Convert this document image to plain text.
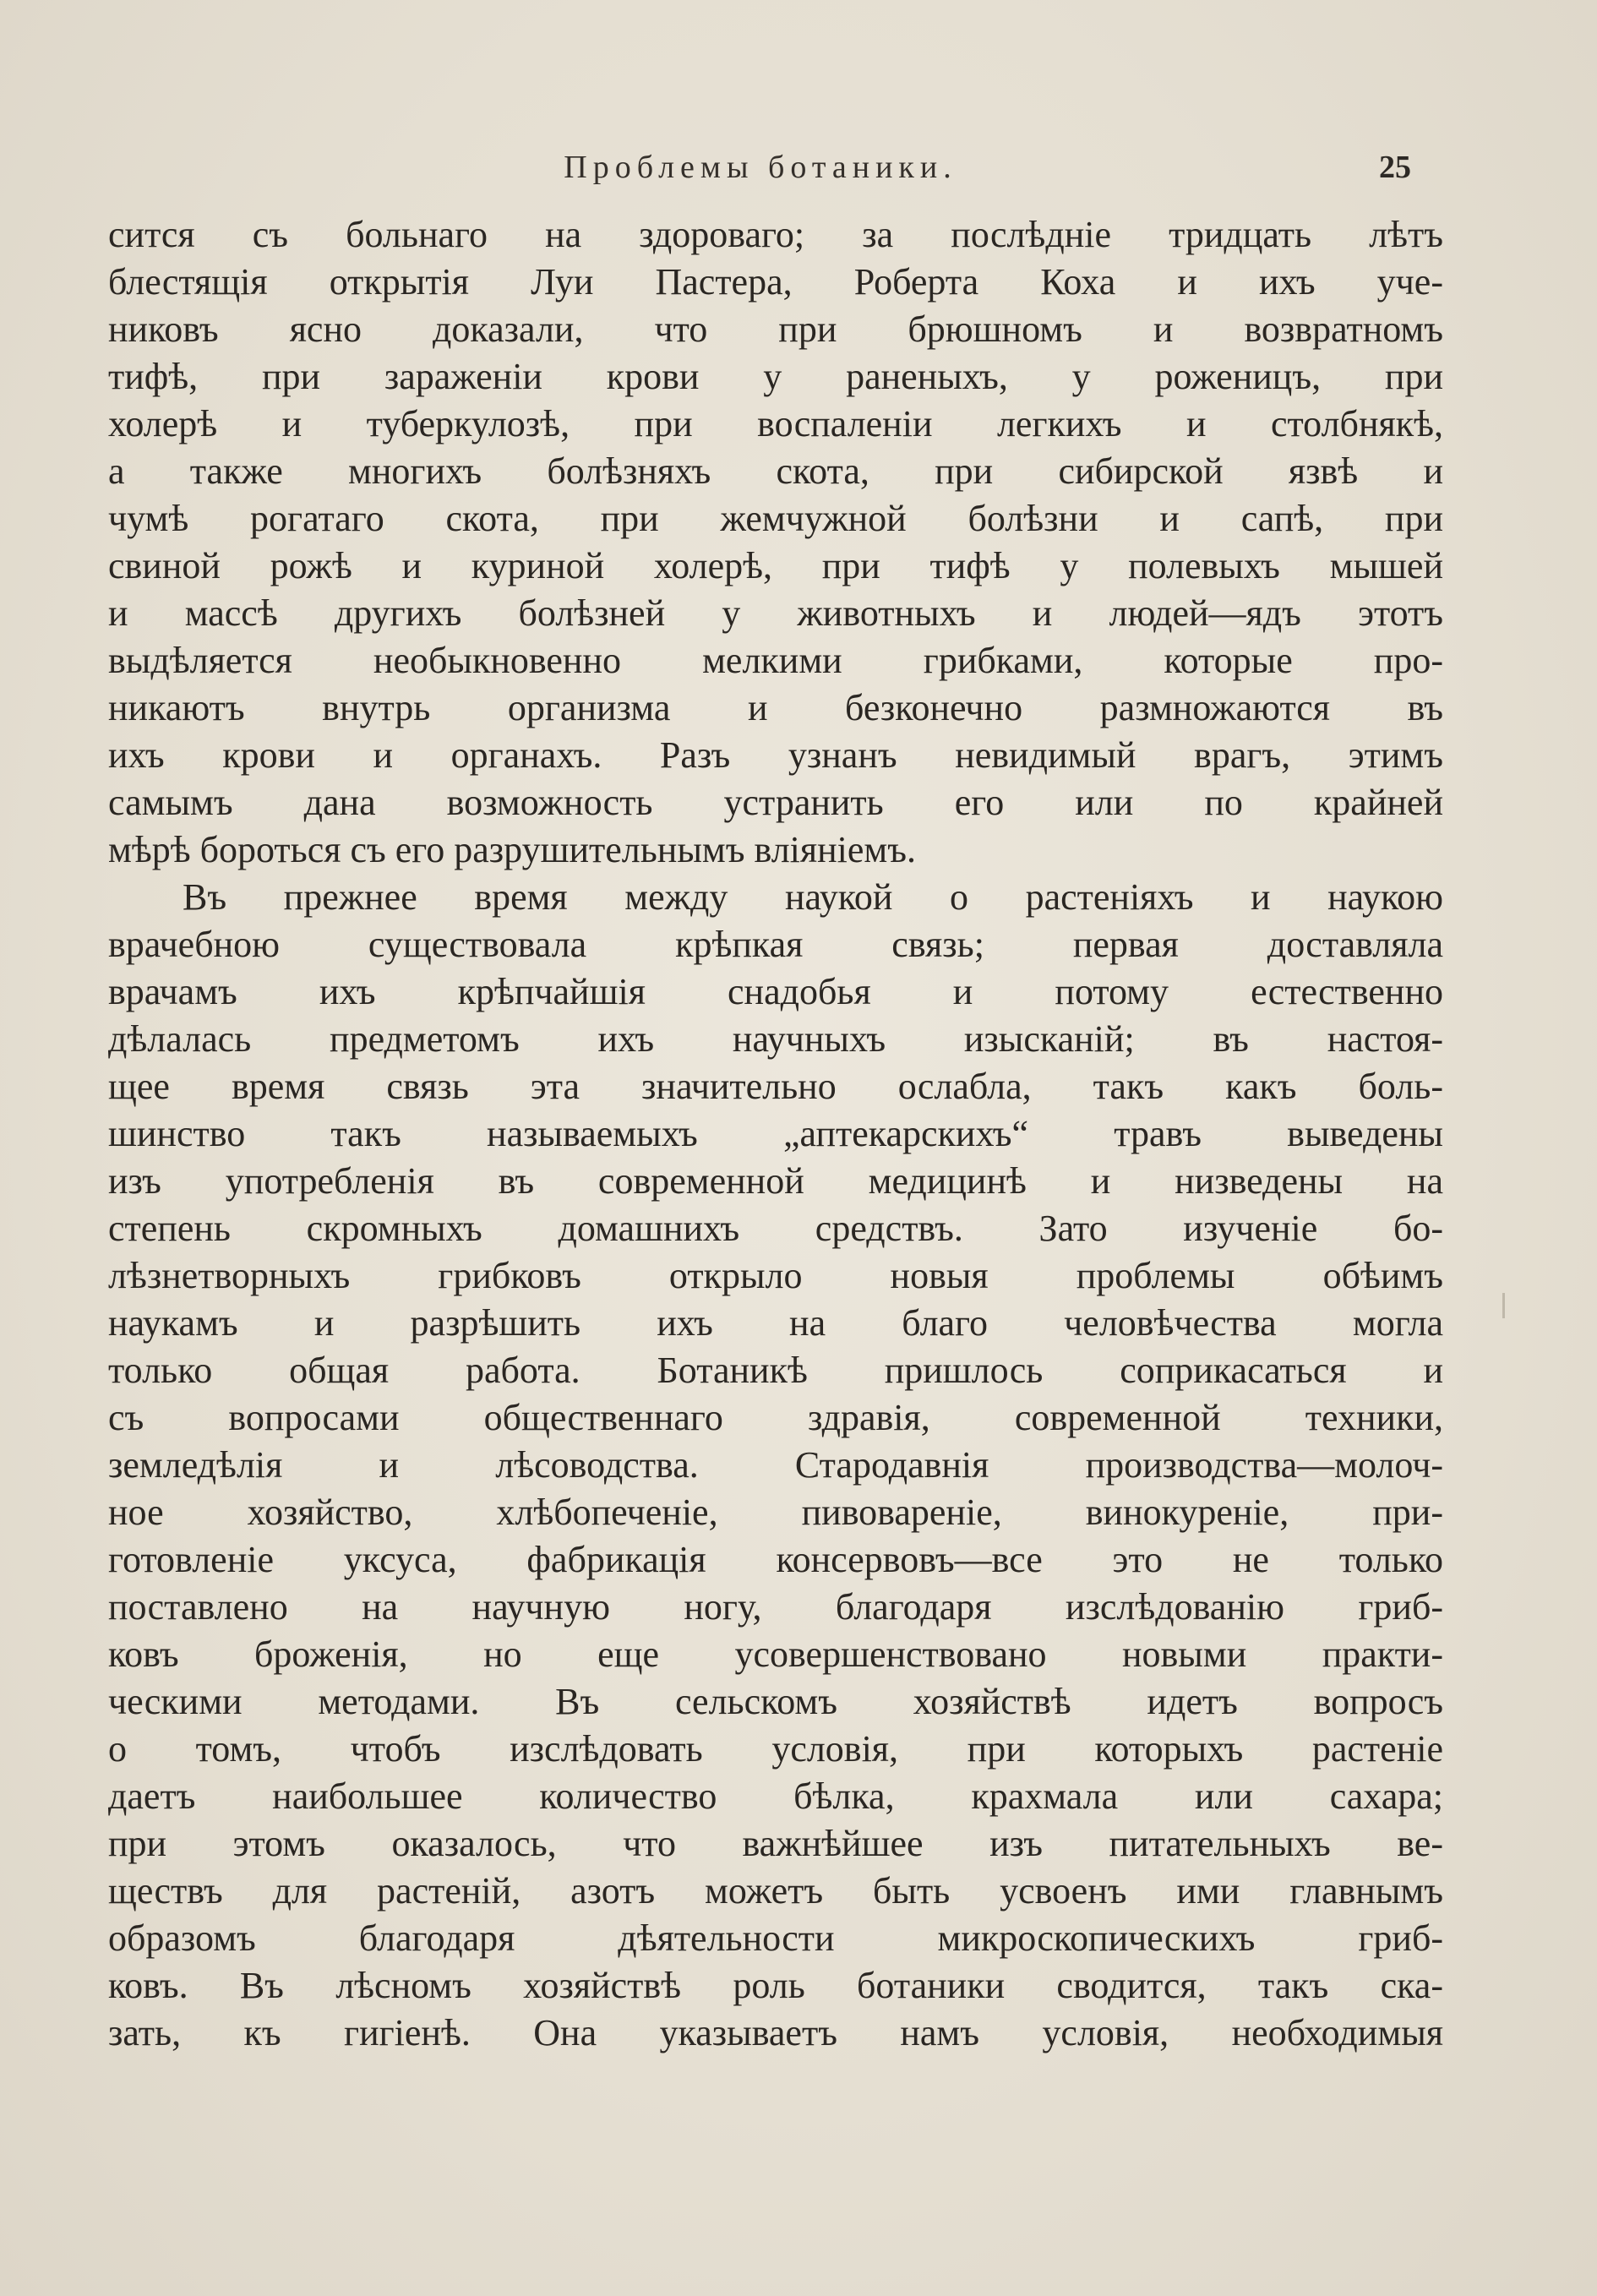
Проблемы ботаники.	25
сится съ больнаго на здороваго; за послѣдніе тридцать лѣтъ
блестящія открытія Луи Пастера, Роберта Коха и ихъ уче-
никовъ ясно доказали, что при брюшномъ и возвратномъ
тифѣ, при зараженіи крови у раненыхъ, у роженицъ, при
холерѣ и туберкулозѣ, при воспаленіи легкихъ и столбнякѣ,
а также многихъ болѣзняхъ скота, при сибирской язвѣ и
чумѣ рогатаго скота, при жемчужной болѣзни и сапѣ, при
свиной рожѣ и куриной холерѣ, при тифѣ у полевыхъ мышей
и массѣ другихъ болѣзней у животныхъ и людей—ядъ этотъ
выдѣляется необыкновенно мелкими грибками, которые про-
никаютъ внутрь организма и безконечно размножаются въ
ихъ крови и органахъ. Разъ узнанъ невидимый врагъ, этимъ
самымъ дана возможность устранить его или по крайней
мѣрѣ бороться съ его разрушительнымъ вліяніемъ.
Въ прежнее время между наукой о растеніяхъ и наукою
врачебною существовала крѣпкая связь; первая доставляла
врачамъ ихъ крѣпчайшія снадобья и потому естественно
дѣлалась предметомъ ихъ научныхъ изысканій; въ настоя-
щее время связь эта значительно ослабла, такъ какъ боль-
шинство такъ называемыхъ „аптекарскихъ“ травъ выведены
изъ употребленія въ современной медицинѣ и низведены на
степень скромныхъ домашнихъ средствъ. Зато изученіе бо-
лѣзнетворныхъ грибковъ открыло новыя проблемы обѣимъ
наукамъ и разрѣшить ихъ на благо человѣчества могла
только общая работа. Ботаникѣ пришлось соприкасаться и
съ вопросами общественнаго здравія, современной техники,
земледѣлія и лѣсоводства. Стародавнія производства—молоч-
ное хозяйство, хлѣбопеченіе, пивовареніе, винокуреніе, при-
готовленіе уксуса, фабрикація консервовъ—все это не только
поставлено на научную ногу, благодаря изслѣдованію гриб-
ковъ броженія, но еще усовершенствовано новыми практи-
ческими методами. Въ сельскомъ хозяйствѣ идетъ вопросъ
о томъ, чтобъ изслѣдовать условія, при которыхъ растеніе
даетъ наибольшее количество бѣлка, крахмала или сахара;
при этомъ оказалось, что важнѣйшее изъ питательныхъ ве-
ществъ для растеній, азотъ можетъ быть усвоенъ ими главнымъ
образомъ благодаря дѣятельности микроскопическихъ гриб-
ковъ. Въ лѣсномъ хозяйствѣ роль ботаники сводится, такъ ска-
зать, къ гигіенѣ. Она указываетъ намъ условія, необходимыя
